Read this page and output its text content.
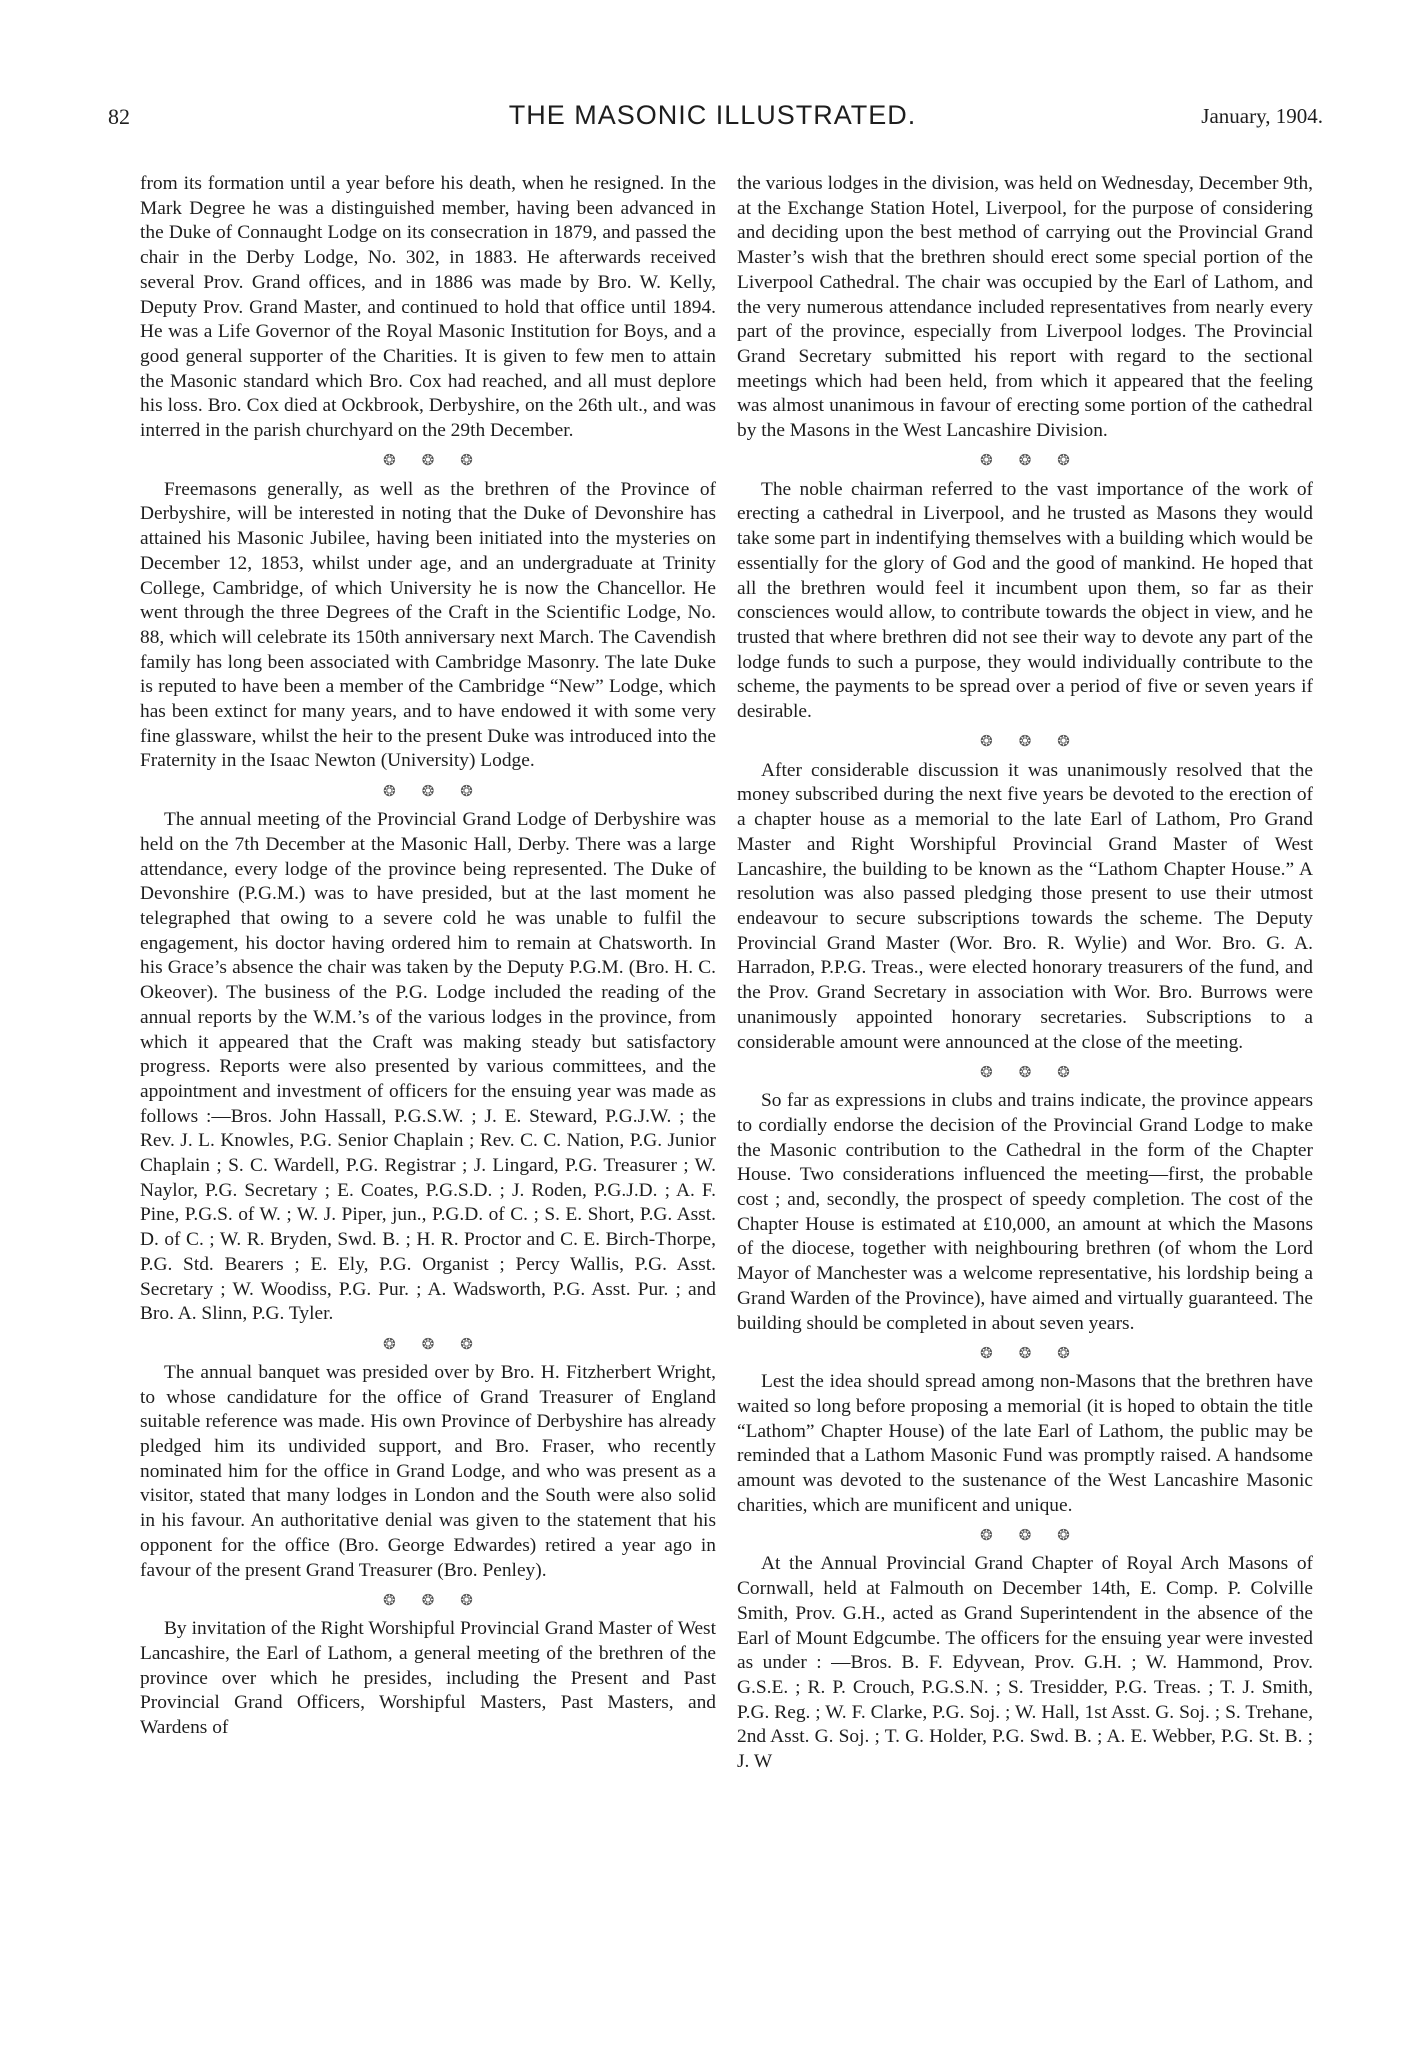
82	THE MASONIC ILLUSTRATED.	January, 1904.

from its formation until a year before his death, when he resigned. In the Mark Degree he was a distinguished member, having been advanced in the Duke of Connaught Lodge on its consecration in 1879, and passed the chair in the Derby Lodge, No. 302, in 1883. He afterwards received several Prov. Grand offices, and in 1886 was made by Bro. W. Kelly, Deputy Prov. Grand Master, and continued to hold that office until 1894. He was a Life Governor of the Royal Masonic Institution for Boys, and a good general supporter of the Charities. It is given to few men to attain the Masonic standard which Bro. Cox had reached, and all must deplore his loss. Bro. Cox died at Ockbrook, Derbyshire, on the 26th ult., and was interred in the parish churchyard on the 29th December.

❂ ❂ ❂

Freemasons generally, as well as the brethren of the Province of Derbyshire, will be interested in noting that the Duke of Devonshire has attained his Masonic Jubilee, having been initiated into the mysteries on December 12, 1853, whilst under age, and an undergraduate at Trinity College, Cambridge, of which University he is now the Chancellor. He went through the three Degrees of the Craft in the Scientific Lodge, No. 88, which will celebrate its 150th anniversary next March. The Cavendish family has long been associated with Cambridge Masonry. The late Duke is reputed to have been a member of the Cambridge “New” Lodge, which has been extinct for many years, and to have endowed it with some very fine glassware, whilst the heir to the present Duke was introduced into the Fraternity in the Isaac Newton (University) Lodge.

❂ ❂ ❂

The annual meeting of the Provincial Grand Lodge of Derbyshire was held on the 7th December at the Masonic Hall, Derby. There was a large attendance, every lodge of the province being represented. The Duke of Devonshire (P.G.M.) was to have presided, but at the last moment he telegraphed that owing to a severe cold he was unable to fulfil the engagement, his doctor having ordered him to remain at Chatsworth. In his Grace’s absence the chair was taken by the Deputy P.G.M. (Bro. H. C. Okeover). The business of the P.G. Lodge included the reading of the annual reports by the W.M.’s of the various lodges in the province, from which it appeared that the Craft was making steady but satisfactory progress. Reports were also presented by various committees, and the appointment and investment of officers for the ensuing year was made as follows :—Bros. John Hassall, P.G.S.W. ; J. E. Steward, P.G.J.W. ; the Rev. J. L. Knowles, P.G. Senior Chaplain ; Rev. C. C. Nation, P.G. Junior Chaplain ; S. C. Wardell, P.G. Registrar ; J. Lingard, P.G. Treasurer ; W. Naylor, P.G. Secretary ; E. Coates, P.G.S.D. ; J. Roden, P.G.J.D. ; A. F. Pine, P.G.S. of W. ; W. J. Piper, jun., P.G.D. of C. ; S. E. Short, P.G. Asst. D. of C. ; W. R. Bryden, Swd. B. ; H. R. Proctor and C. E. Birch-Thorpe, P.G. Std. Bearers ; E. Ely, P.G. Organist ; Percy Wallis, P.G. Asst. Secretary ; W. Woodiss, P.G. Pur. ; A. Wadsworth, P.G. Asst. Pur. ; and Bro. A. Slinn, P.G. Tyler.

❂ ❂ ❂

The annual banquet was presided over by Bro. H. Fitzherbert Wright, to whose candidature for the office of Grand Treasurer of England suitable reference was made. His own Province of Derbyshire has already pledged him its undivided support, and Bro. Fraser, who recently nominated him for the office in Grand Lodge, and who was present as a visitor, stated that many lodges in London and the South were also solid in his favour. An authoritative denial was given to the statement that his opponent for the office (Bro. George Edwardes) retired a year ago in favour of the present Grand Treasurer (Bro. Penley).

❂ ❂ ❂

By invitation of the Right Worshipful Provincial Grand Master of West Lancashire, the Earl of Lathom, a general meeting of the brethren of the province over which he presides, including the Present and Past Provincial Grand Officers, Worshipful Masters, Past Masters, and Wardens of

the various lodges in the division, was held on Wednesday, December 9th, at the Exchange Station Hotel, Liverpool, for the purpose of considering and deciding upon the best method of carrying out the Provincial Grand Master’s wish that the brethren should erect some special portion of the Liverpool Cathedral. The chair was occupied by the Earl of Lathom, and the very numerous attendance included representatives from nearly every part of the province, especially from Liverpool lodges. The Provincial Grand Secretary submitted his report with regard to the sectional meetings which had been held, from which it appeared that the feeling was almost unanimous in favour of erecting some portion of the cathedral by the Masons in the West Lancashire Division.

❂ ❂ ❂

The noble chairman referred to the vast importance of the work of erecting a cathedral in Liverpool, and he trusted as Masons they would take some part in indentifying themselves with a building which would be essentially for the glory of God and the good of mankind. He hoped that all the brethren would feel it incumbent upon them, so far as their consciences would allow, to contribute towards the object in view, and he trusted that where brethren did not see their way to devote any part of the lodge funds to such a purpose, they would individually contribute to the scheme, the payments to be spread over a period of five or seven years if desirable.

❂ ❂ ❂

After considerable discussion it was unanimously resolved that the money subscribed during the next five years be devoted to the erection of a chapter house as a memorial to the late Earl of Lathom, Pro Grand Master and Right Worshipful Provincial Grand Master of West Lancashire, the building to be known as the “Lathom Chapter House.” A resolution was also passed pledging those present to use their utmost endeavour to secure subscriptions towards the scheme. The Deputy Provincial Grand Master (Wor. Bro. R. Wylie) and Wor. Bro. G. A. Harradon, P.P.G. Treas., were elected honorary treasurers of the fund, and the Prov. Grand Secretary in association with Wor. Bro. Burrows were unanimously appointed honorary secretaries. Subscriptions to a considerable amount were announced at the close of the meeting.

❂ ❂ ❂

So far as expressions in clubs and trains indicate, the province appears to cordially endorse the decision of the Provincial Grand Lodge to make the Masonic contribution to the Cathedral in the form of the Chapter House. Two considerations influenced the meeting—first, the probable cost ; and, secondly, the prospect of speedy completion. The cost of the Chapter House is estimated at £10,000, an amount at which the Masons of the diocese, together with neighbouring brethren (of whom the Lord Mayor of Manchester was a welcome representative, his lordship being a Grand Warden of the Province), have aimed and virtually guaranteed. The building should be completed in about seven years.

❂ ❂ ❂

Lest the idea should spread among non-Masons that the brethren have waited so long before proposing a memorial (it is hoped to obtain the title “Lathom” Chapter House) of the late Earl of Lathom, the public may be reminded that a Lathom Masonic Fund was promptly raised. A handsome amount was devoted to the sustenance of the West Lancashire Masonic charities, which are munificent and unique.

❂ ❂ ❂

At the Annual Provincial Grand Chapter of Royal Arch Masons of Cornwall, held at Falmouth on December 14th, E. Comp. P. Colville Smith, Prov. G.H., acted as Grand Superintendent in the absence of the Earl of Mount Edgcumbe. The officers for the ensuing year were invested as under : —Bros. B. F. Edyvean, Prov. G.H. ; W. Hammond, Prov. G.S.E. ; R. P. Crouch, P.G.S.N. ; S. Tresidder, P.G. Treas. ; T. J. Smith, P.G. Reg. ; W. F. Clarke, P.G. Soj. ; W. Hall, 1st Asst. G. Soj. ; S. Trehane, 2nd Asst. G. Soj. ; T. G. Holder, P.G. Swd. B. ; A. E. Webber, P.G. St. B. ; J. W
